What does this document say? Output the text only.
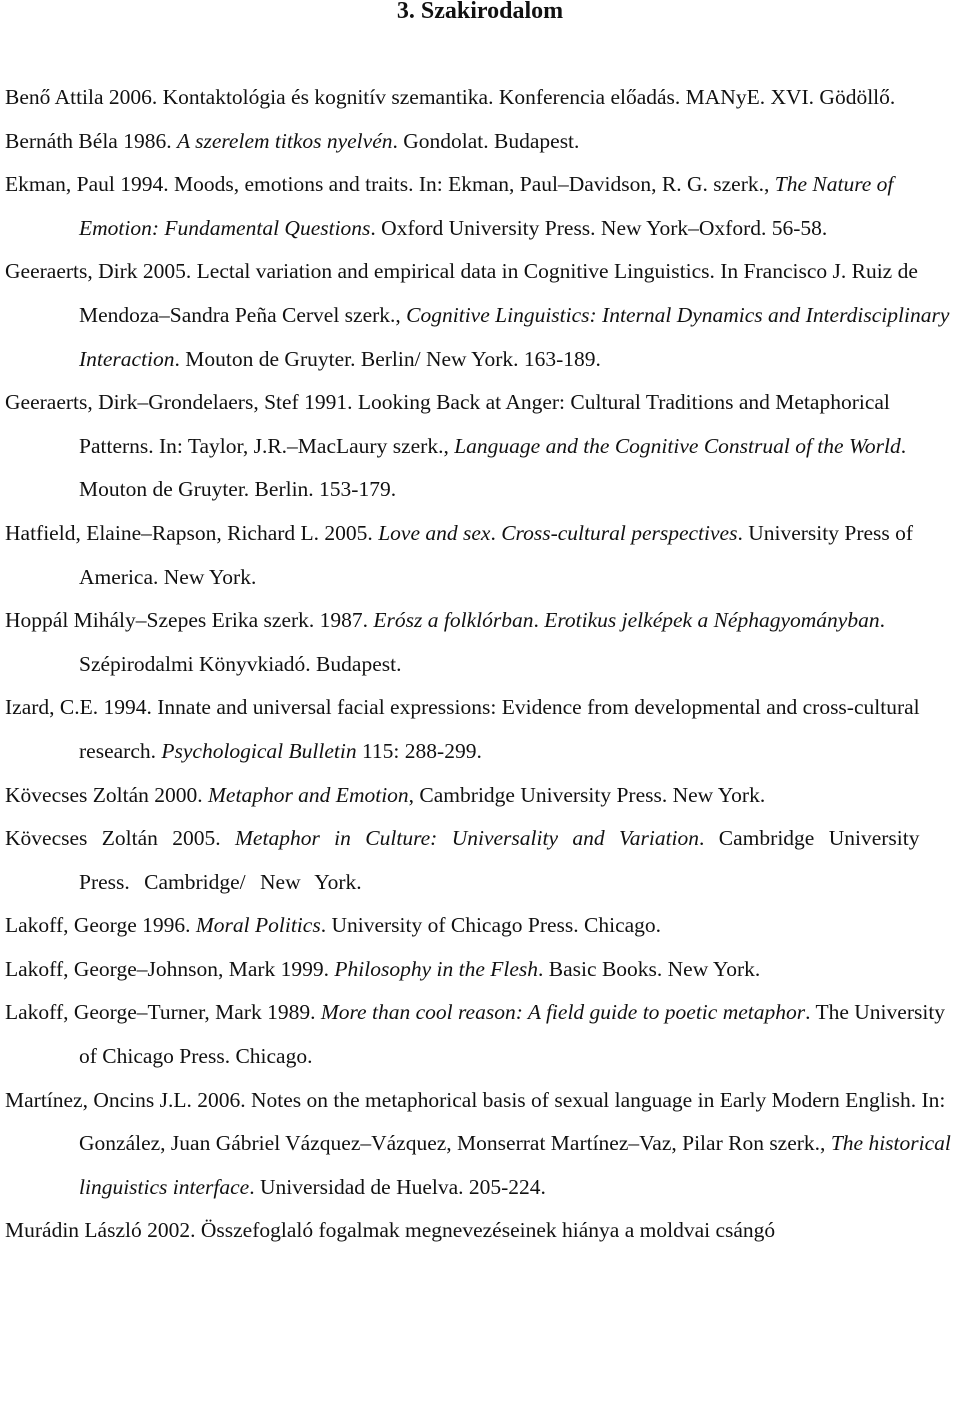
3. Szakirodalom
Benő Attila 2006. Kontaktológia és kognitív szemantika. Konferencia előadás. MANyE. XVI. Gödöllő.
Bernáth Béla 1986. A szerelem titkos nyelvén. Gondolat. Budapest.
Ekman, Paul 1994. Moods, emotions and traits. In: Ekman, Paul–Davidson, R. G. szerk., The Nature of Emotion: Fundamental Questions. Oxford University Press. New York–Oxford. 56-58.
Geeraerts, Dirk 2005. Lectal variation and empirical data in Cognitive Linguistics. In Francisco J. Ruiz de Mendoza–Sandra Peña Cervel szerk., Cognitive Linguistics: Internal Dynamics and Interdisciplinary Interaction. Mouton de Gruyter. Berlin/ New York. 163-189.
Geeraerts, Dirk–Grondelaers, Stef 1991. Looking Back at Anger: Cultural Traditions and Metaphorical Patterns. In: Taylor, J.R.–MacLaury szerk., Language and the Cognitive Construal of the World. Mouton de Gruyter. Berlin. 153-179.
Hatfield, Elaine–Rapson, Richard L. 2005. Love and sex. Cross-cultural perspectives. University Press of America. New York.
Hoppál Mihály–Szepes Erika szerk. 1987. Erósz a folklórban. Erotikus jelképek a Néphagyományban. Szépirodalmi Könyvkiadó. Budapest.
Izard, C.E. 1994. Innate and universal facial expressions: Evidence from developmental and cross-cultural research. Psychological Bulletin 115: 288-299.
Kövecses Zoltán 2000. Metaphor and Emotion, Cambridge University Press. New York.
Kövecses Zoltán 2005. Metaphor in Culture: Universality and Variation. Cambridge University Press. Cambridge/ New York.
Lakoff, George 1996. Moral Politics. University of Chicago Press. Chicago.
Lakoff, George–Johnson, Mark 1999. Philosophy in the Flesh. Basic Books. New York.
Lakoff, George–Turner, Mark 1989. More than cool reason: A field guide to poetic metaphor. The University of Chicago Press. Chicago.
Martínez, Oncins J.L. 2006. Notes on the metaphorical basis of sexual language in Early Modern English. In: González, Juan Gábriel Vázquez–Vázquez, Monserrat Martínez–Vaz, Pilar Ron szerk., The historical linguistics interface. Universidad de Huelva. 205-224.
Murádin László 2002. Összefoglaló fogalmak megnevezéseinek hiánya a moldvai csángó
